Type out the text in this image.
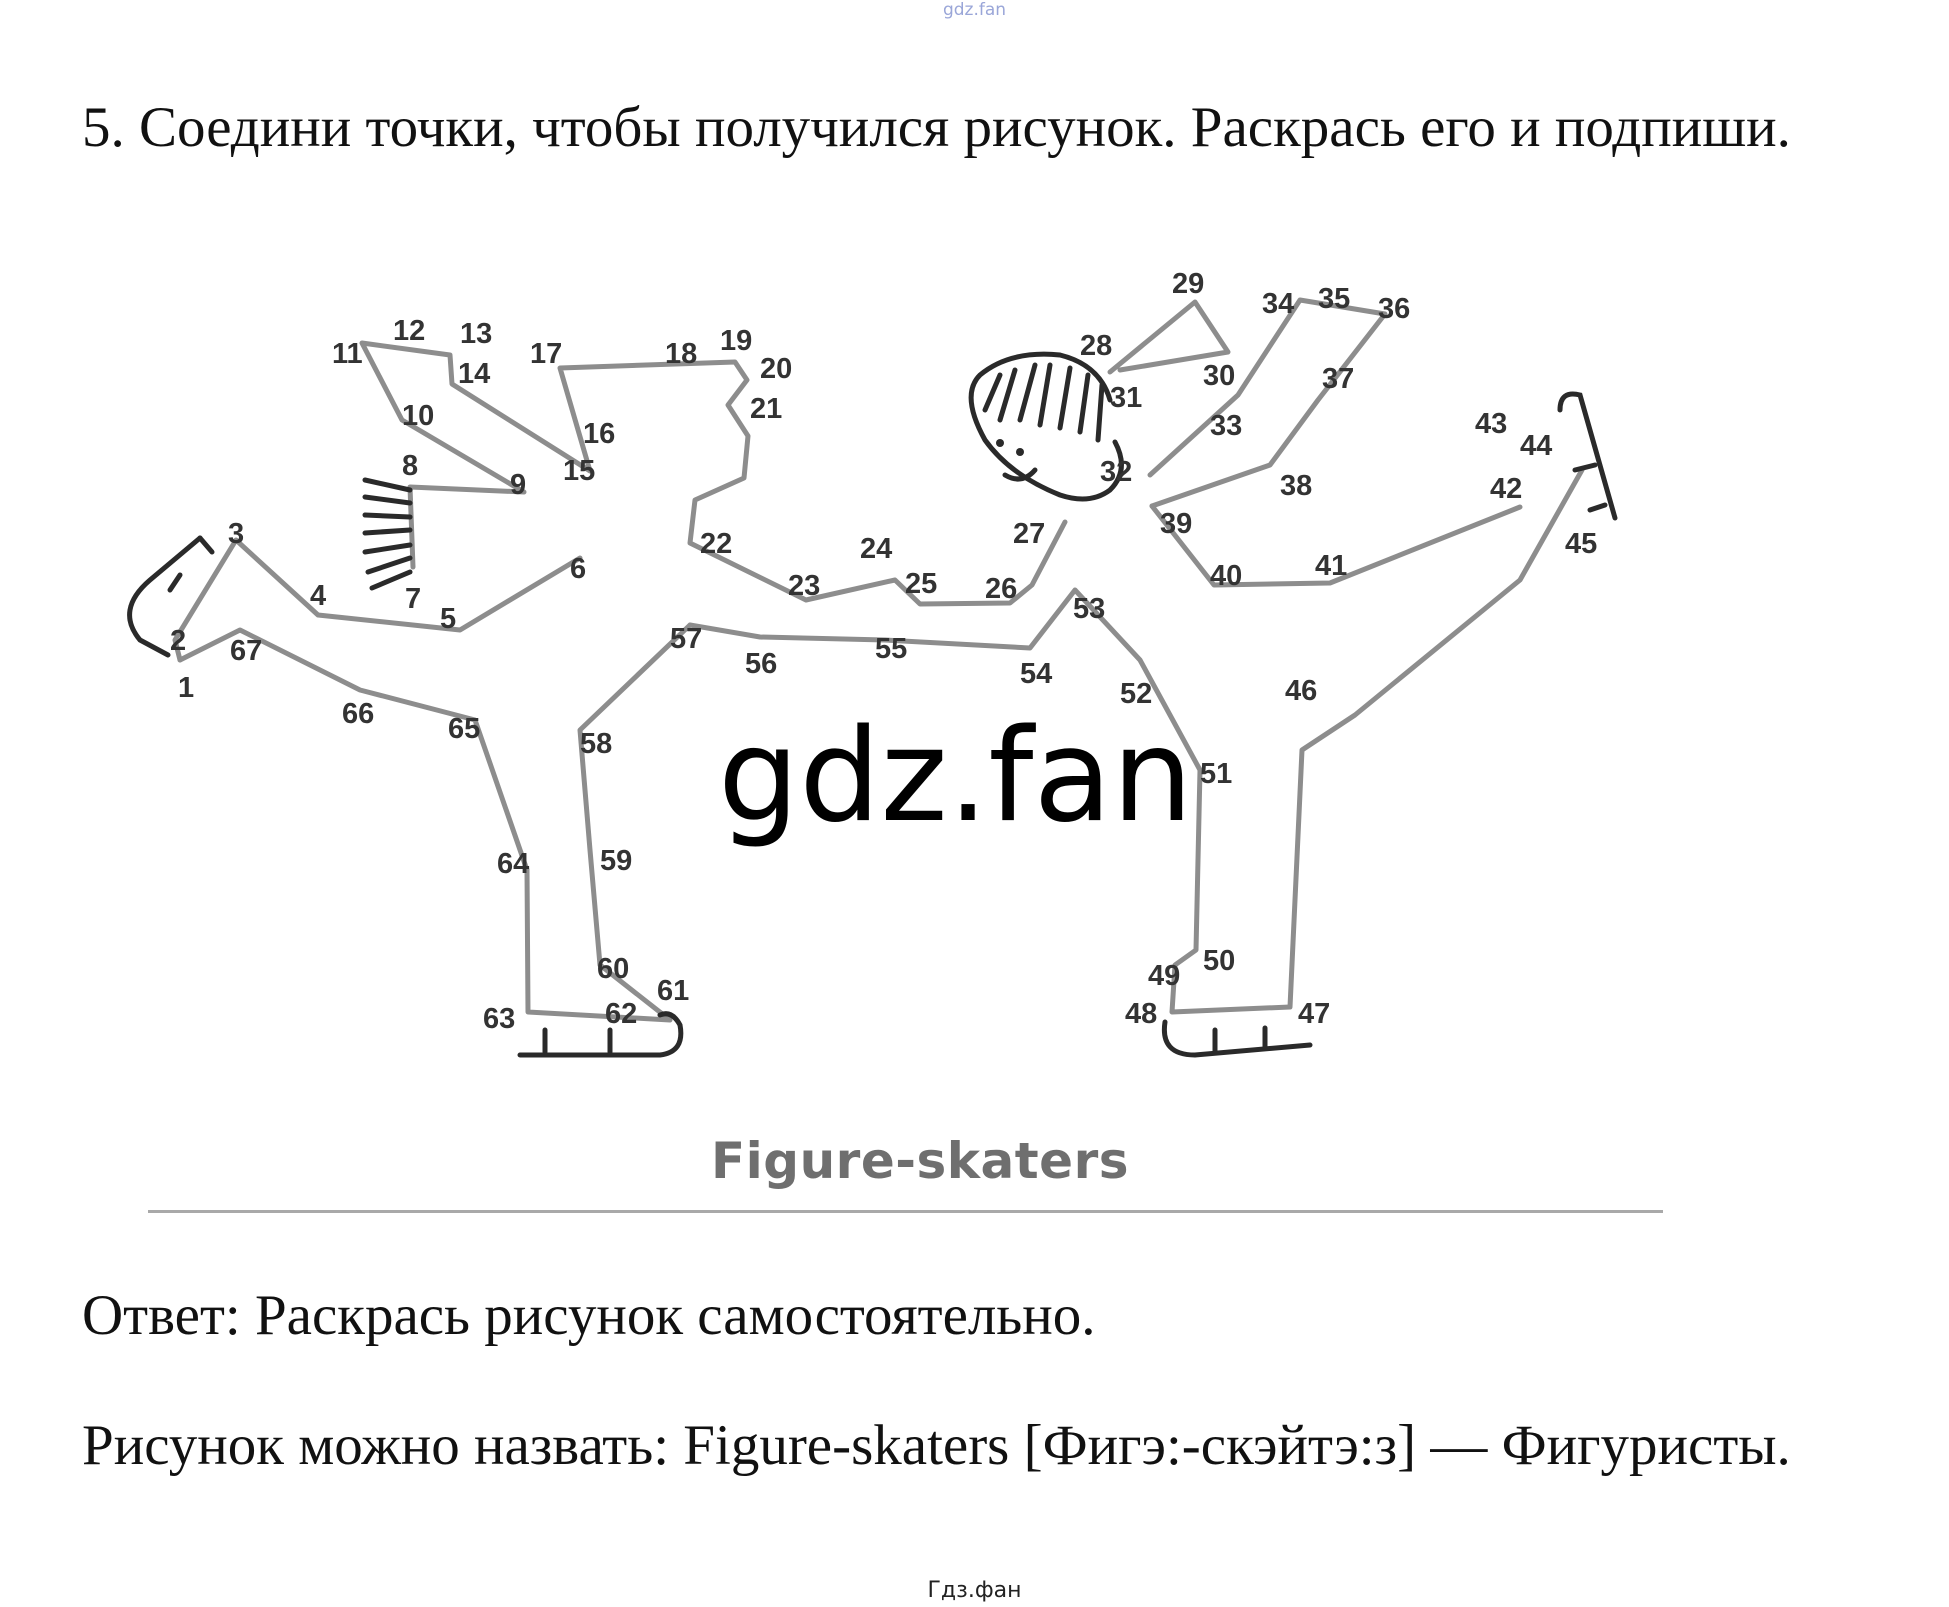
gdz.fan
5. Соедини точки, чтобы получился рисунок. Раскрась его и подпиши.
1
2
3
4
5
6
7
8
9
10
11
12 13
14
15
16
17	18 19
20
21
22
23
24
25 26
27
28
29
30
31
32
33
34 35 36
37
38
39
40	41
42
43
44
45
46
47
48
49 50
51
52
53
54
55
56
57
58
59
60
61
62
63
64
65
66
67
gdz.fan
Figure-skaters
Ответ: Раскрась рисунок самостоятельно.
Рисунок можно назвать: Figure-skaters [Фигэ:-скэйтэ:з] — Фигуристы.
Гдз.фан
